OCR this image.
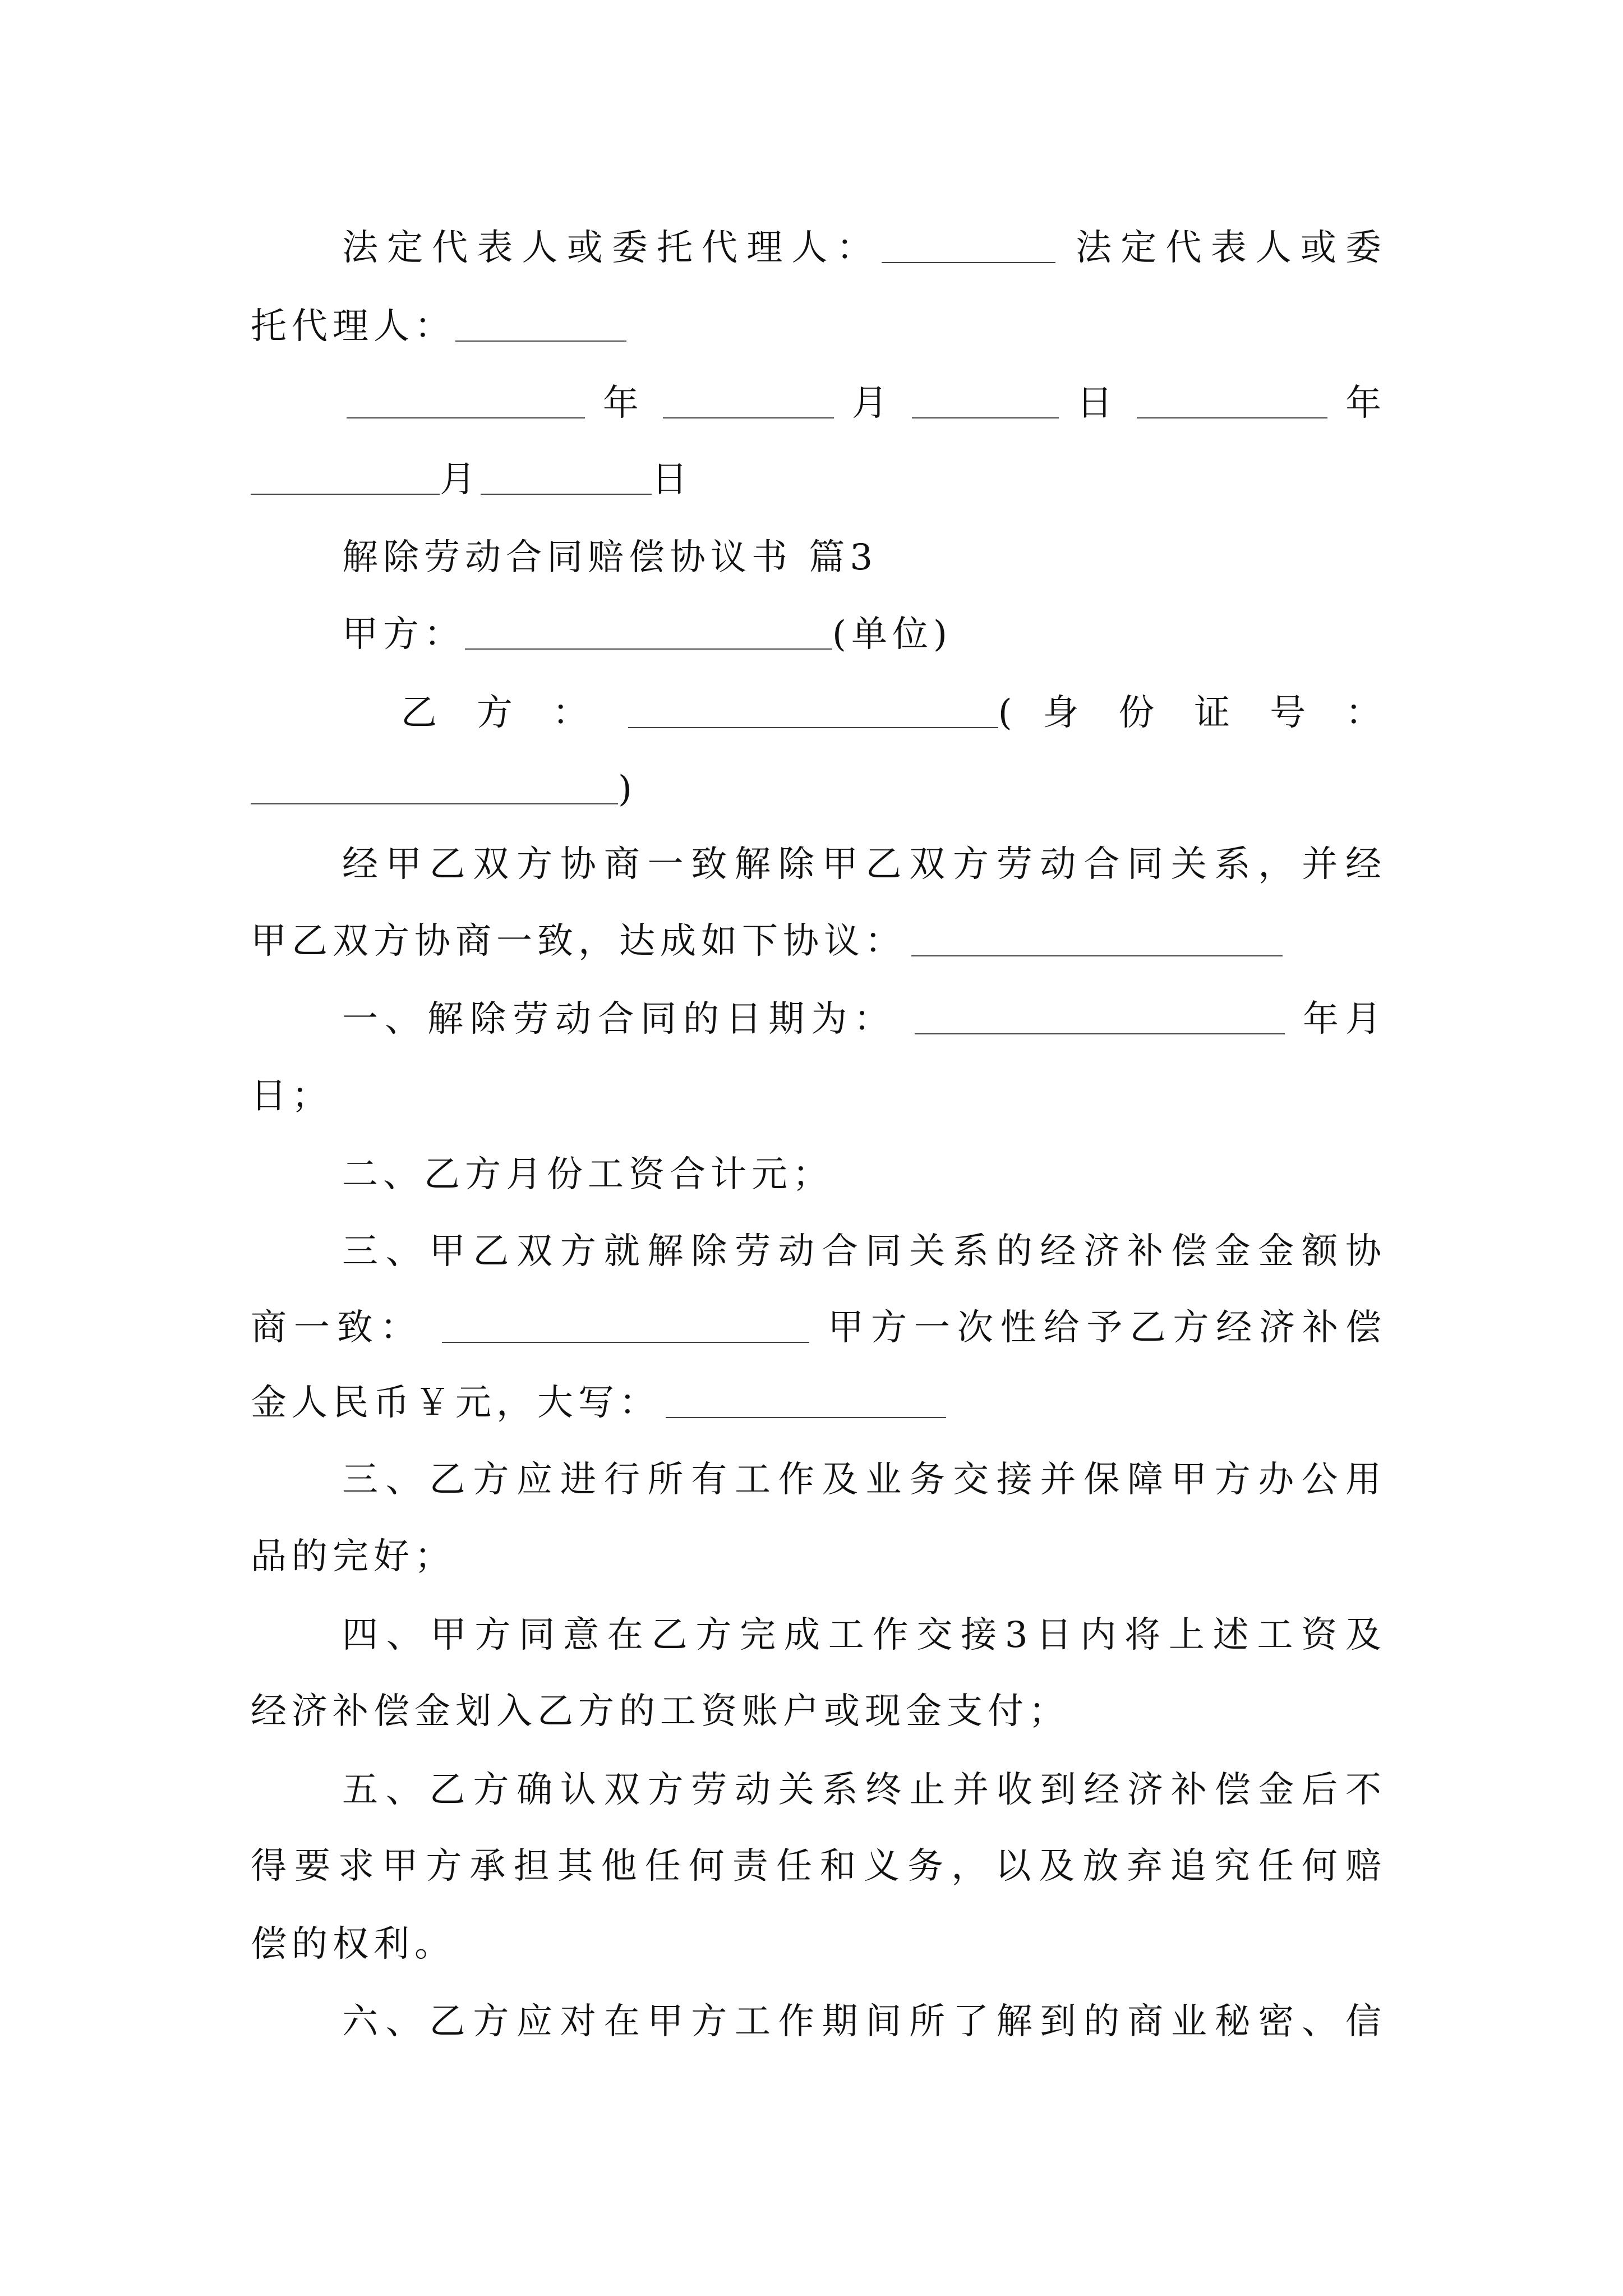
法定代表人或委托代理人：	法定代表人或委
托代理人：
年	月	日	年
月	日
解除劳动合同赔偿协议书 篇3
甲方：	(单位)
乙 方 ：	( 身 份 证 号 ：
)
经甲乙双方协商一致解除甲乙双方劳动合同关系，并经
甲乙双方协商一致，达成如下协议：
一、解除劳动合同的日期为：	年月
日；
二、乙方月份工资合计元；
三、甲乙双方就解除劳动合同关系的经济补偿金金额协
商一致：	甲方一次性给予乙方经济补偿
金人民币￥元，大写：
三、乙方应进行所有工作及业务交接并保障甲方办公用
品的完好；
四、甲方同意在乙方完成工作交接3日内将上述工资及
经济补偿金划入乙方的工资账户或现金支付；
五、乙方确认双方劳动关系终止并收到经济补偿金后不
得要求甲方承担其他任何责任和义务，以及放弃追究任何赔
偿的权利。
六、乙方应对在甲方工作期间所了解到的商业秘密、信
